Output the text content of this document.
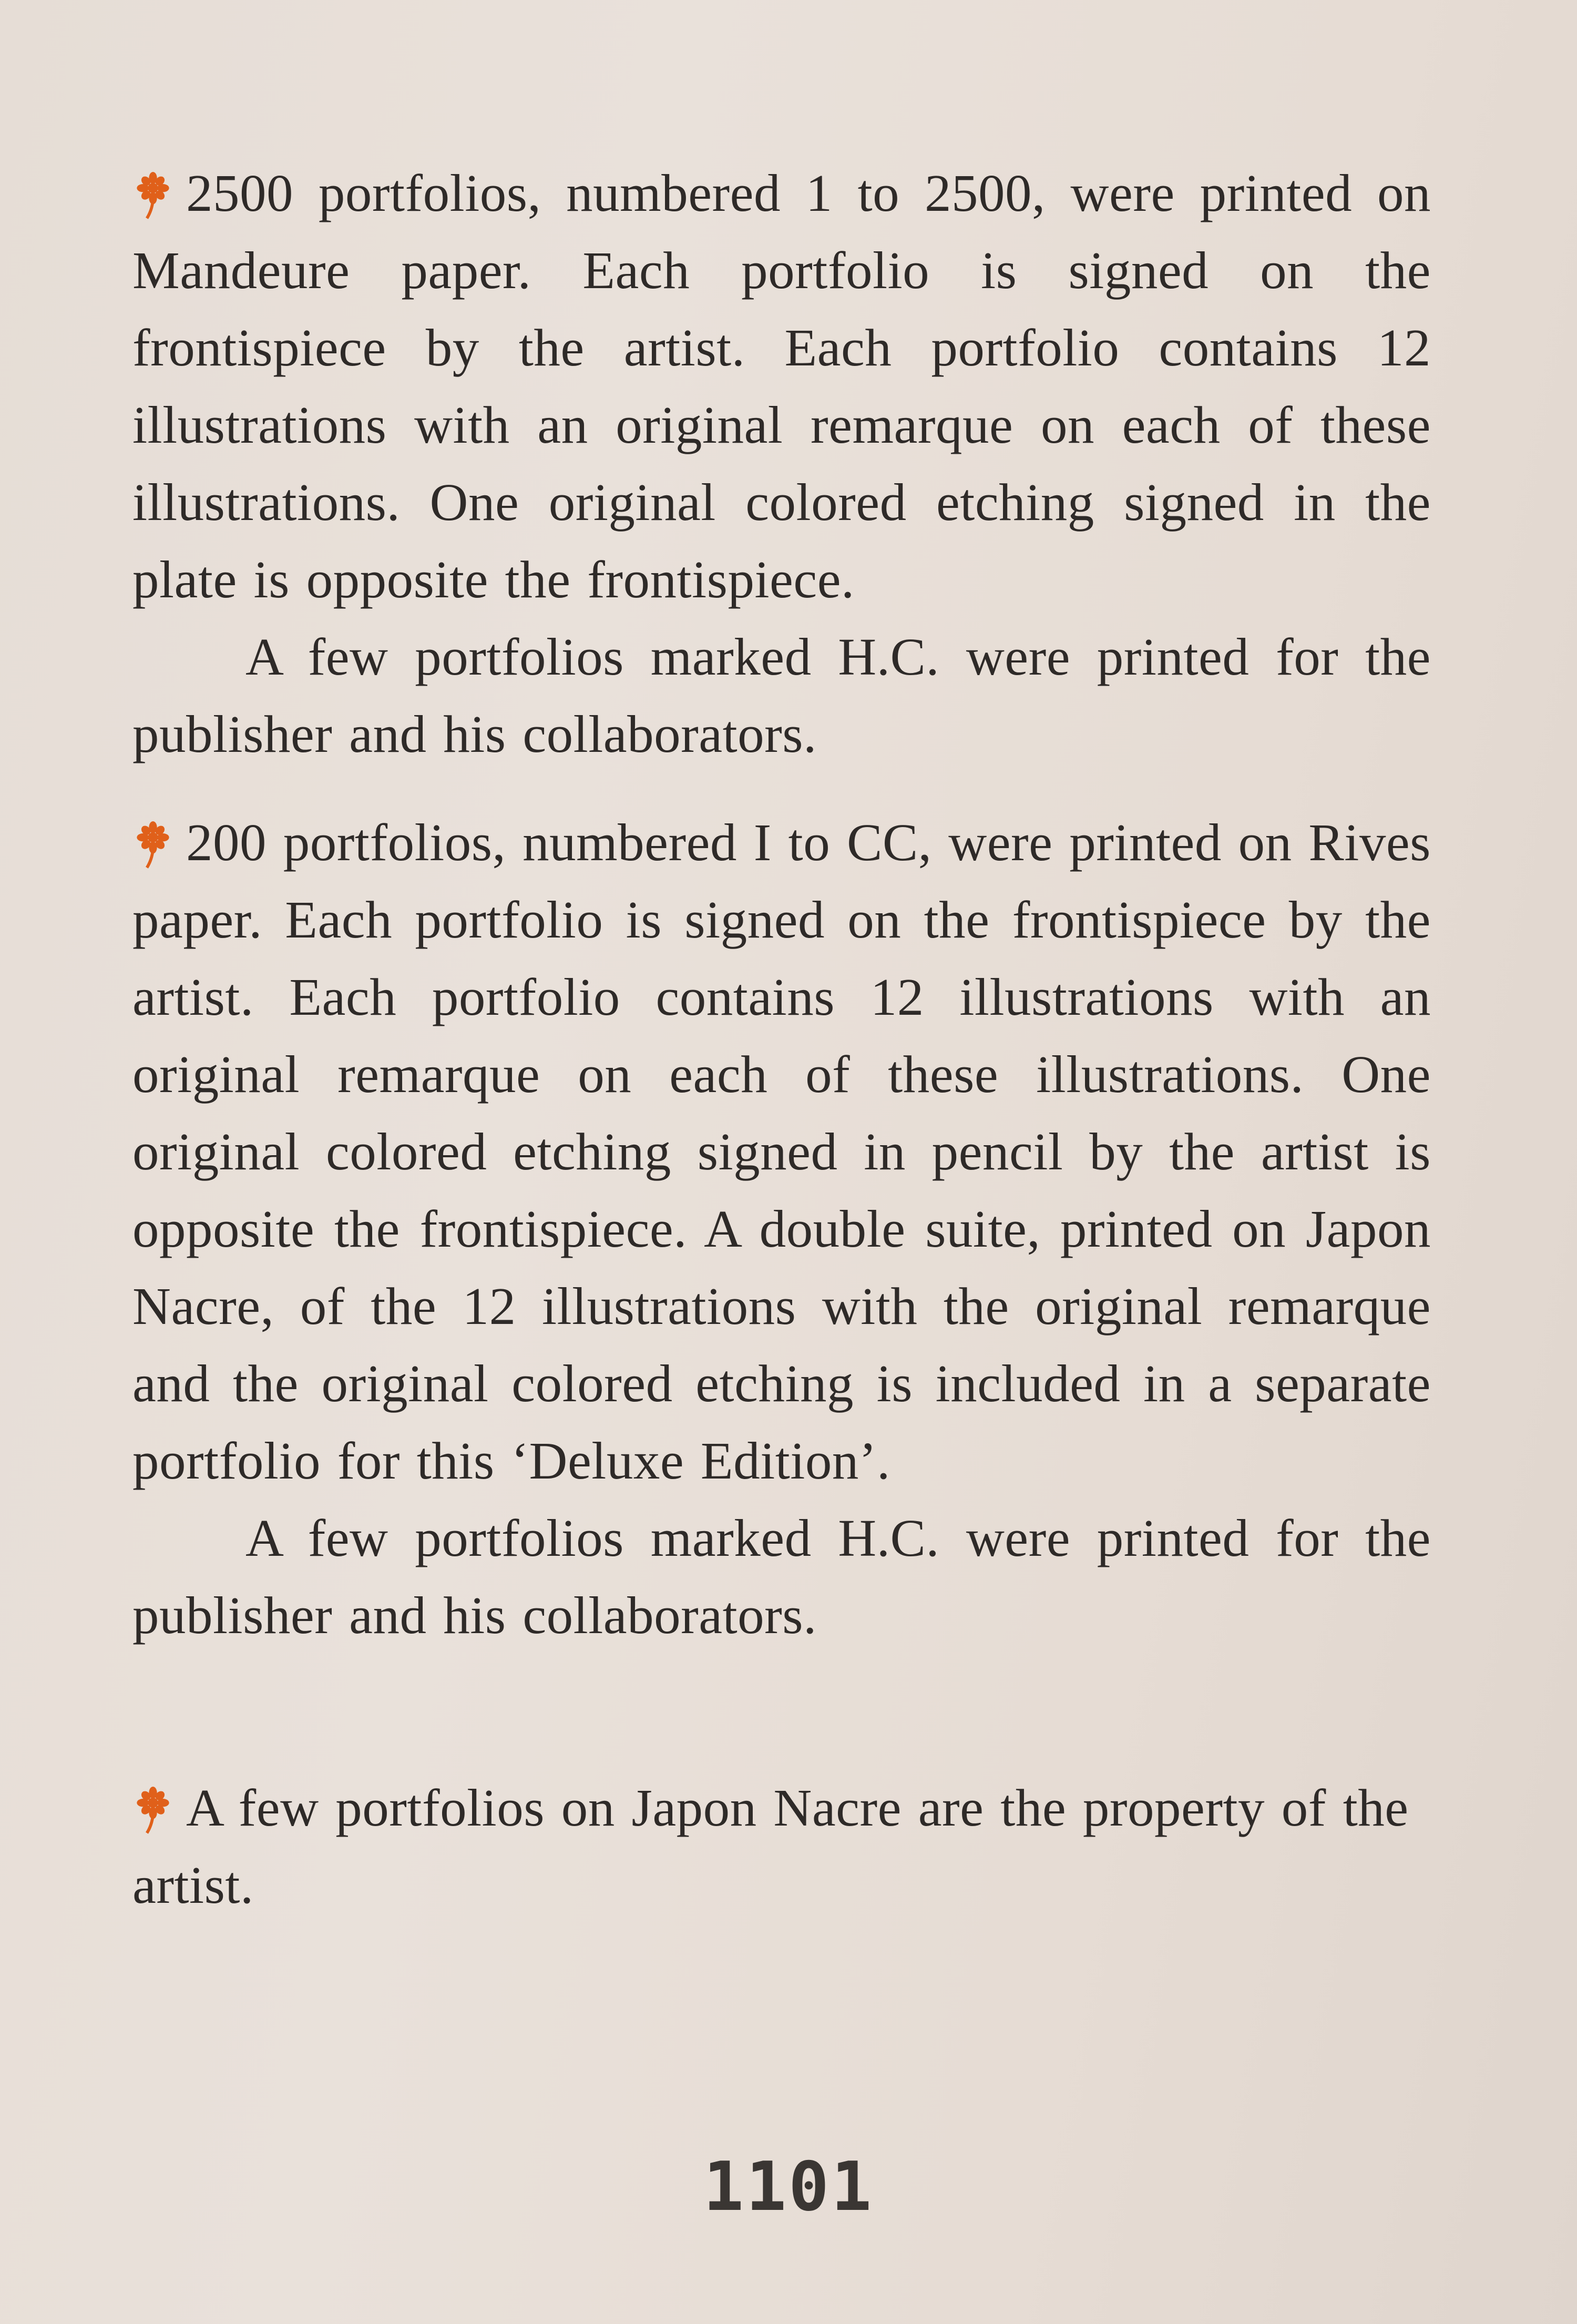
2500 portfolios, numbered 1 to 2500, were printed on Mandeure paper. Each portfolio is signed on the frontispiece by the artist. Each portfolio contains 12 illustrations with an original remarque on each of these illustrations. One original colored etching signed in the plate is opposite the frontispiece.

A few portfolios marked H.C. were printed for the publisher and his collaborators.

200 portfolios, numbered I to CC, were printed on Rives paper. Each portfolio is signed on the frontispiece by the artist. Each portfolio contains 12 illustrations with an original remarque on each of these illustrations. One original colored etching signed in pencil by the artist is opposite the frontispiece. A double suite, printed on Japon Nacre, of the 12 illustrations with the original remarque and the original colored etching is included in a separate portfolio for this ‘Deluxe Edition’.

A few portfolios marked H.C. were printed for the publisher and his collaborators.

A few portfolios on Japon Nacre are the property of the artist.

1101
